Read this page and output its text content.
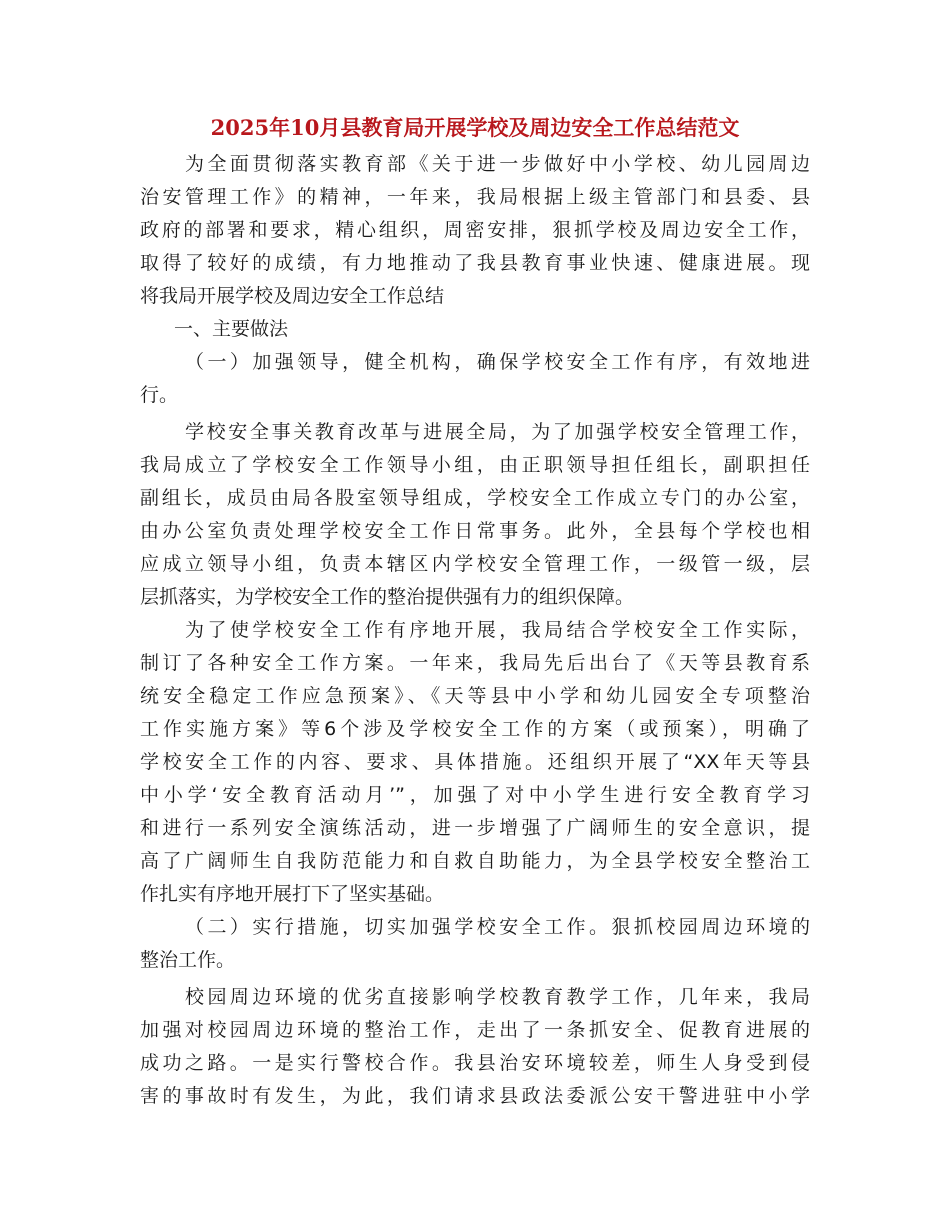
2025年10月县教育局开展学校及周边安全工作总结范文
为全面贯彻落实教育部《关于进一步做好中小学校、幼儿园周边
治安管理工作》的精神，一年来，我局根据上级主管部门和县委、县
政府的部署和要求，精心组织，周密安排，狠抓学校及周边安全工作，
取得了较好的成绩，有力地推动了我县教育事业快速、健康进展。现
将我局开展学校及周边安全工作总结
一、主要做法
（一）加强领导，健全机构，确保学校安全工作有序，有效地进
行。
学校安全事关教育改革与进展全局，为了加强学校安全管理工作，
我局成立了学校安全工作领导小组，由正职领导担任组长，副职担任
副组长，成员由局各股室领导组成，学校安全工作成立专门的办公室，
由办公室负责处理学校安全工作日常事务。此外，全县每个学校也相
应成立领导小组，负责本辖区内学校安全管理工作，一级管一级，层
层抓落实，为学校安全工作的整治提供强有力的组织保障。
为了使学校安全工作有序地开展，我局结合学校安全工作实际，
制订了各种安全工作方案。一年来，我局先后出台了《天等县教育系
统安全稳定工作应急预案》、《天等县中小学和幼儿园安全专项整治
工作实施方案》等6个涉及学校安全工作的方案（或预案），明确了
学校安全工作的内容、要求、具体措施。还组织开展了“XX年天等县
中小学‘安全教育活动月’”，加强了对中小学生进行安全教育学习
和进行一系列安全演练活动，进一步增强了广阔师生的安全意识，提
高了广阔师生自我防范能力和自救自助能力，为全县学校安全整治工
作扎实有序地开展打下了坚实基础。
（二）实行措施，切实加强学校安全工作。狠抓校园周边环境的
整治工作。
校园周边环境的优劣直接影响学校教育教学工作，几年来，我局
加强对校园周边环境的整治工作，走出了一条抓安全、促教育进展的
成功之路。一是实行警校合作。我县治安环境较差，师生人身受到侵
害的事故时有发生，为此，我们请求县政法委派公安干警进驻中小学
